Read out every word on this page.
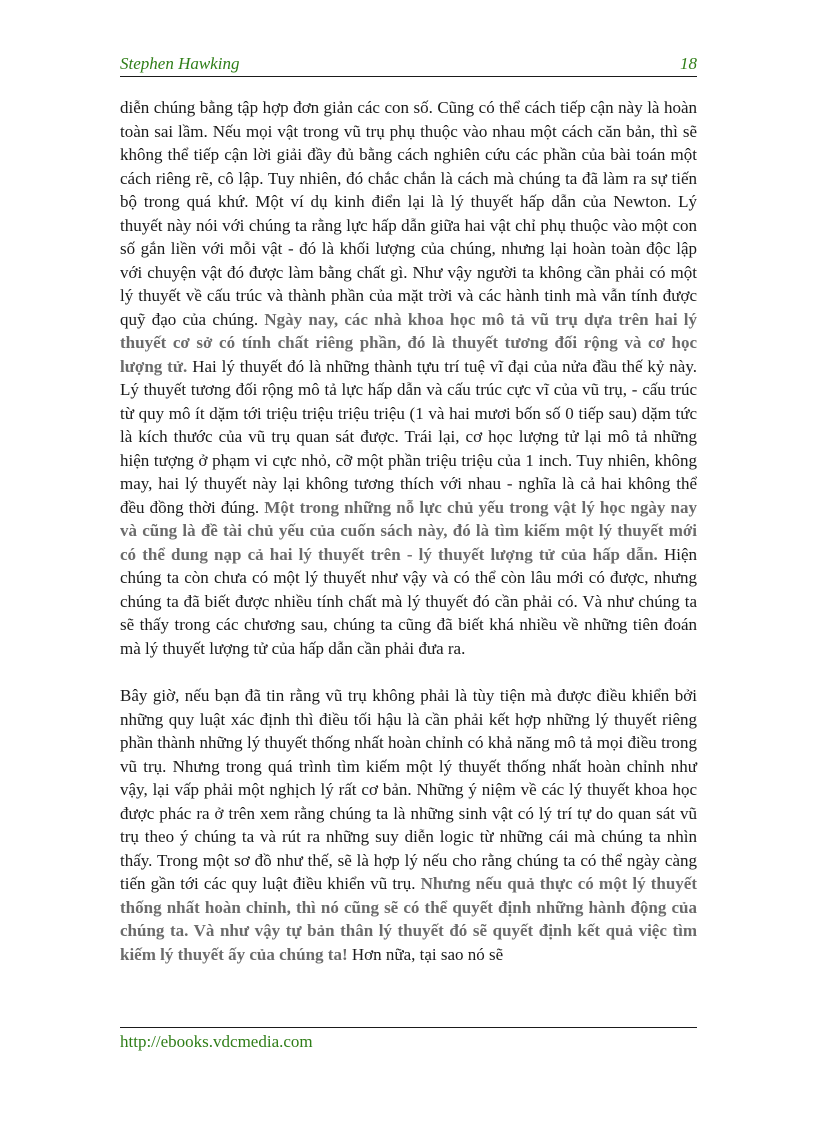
Stephen Hawking	18

diễn chúng bằng tập hợp đơn giản các con số. Cũng có thể cách tiếp cận này là hoàn toàn sai lầm. Nếu mọi vật trong vũ trụ phụ thuộc vào nhau một cách căn bản, thì sẽ không thể tiếp cận lời giải đầy đủ bằng cách nghiên cứu các phần của bài toán một cách riêng rẽ, cô lập. Tuy nhiên, đó chắc chắn là cách mà chúng ta đã làm ra sự tiến bộ trong quá khứ. Một ví dụ kinh điển lại là lý thuyết hấp dẫn của Newton. Lý thuyết này nói với chúng ta rằng lực hấp dẫn giữa hai vật chỉ phụ thuộc vào một con số gắn liền với mỗi vật - đó là khối lượng của chúng, nhưng lại hoàn toàn độc lập với chuyện vật đó được làm bằng chất gì. Như vậy người ta không cần phải có một lý thuyết về cấu trúc và thành phần của mặt trời và các hành tinh mà vẫn tính được quỹ đạo của chúng. Ngày nay, các nhà khoa học mô tả vũ trụ dựa trên hai lý thuyết cơ sở có tính chất riêng phần, đó là thuyết tương đối rộng và cơ học lượng tử. Hai lý thuyết đó là những thành tựu trí tuệ vĩ đại của nửa đầu thế kỷ này. Lý thuyết tương đối rộng mô tả lực hấp dẫn và cấu trúc cực vĩ của vũ trụ, - cấu trúc từ quy mô ít dặm tới triệu triệu triệu triệu (1 và hai mươi bốn số 0 tiếp sau) dặm tức là kích thước của vũ trụ quan sát được. Trái lại, cơ học lượng tử lại mô tả những hiện tượng ở phạm vi cực nhỏ, cỡ một phần triệu triệu của 1 inch. Tuy nhiên, không may, hai lý thuyết này lại không tương thích với nhau - nghĩa là cả hai không thể đều đồng thời đúng. Một trong những nỗ lực chủ yếu trong vật lý học ngày nay và cũng là đề tài chủ yếu của cuốn sách này, đó là tìm kiếm một lý thuyết mới có thể dung nạp cả hai lý thuyết trên - lý thuyết lượng tử của hấp dẫn. Hiện chúng ta còn chưa có một lý thuyết như vậy và có thể còn lâu mới có được, nhưng chúng ta đã biết được nhiều tính chất mà lý thuyết đó cần phải có. Và như chúng ta sẽ thấy trong các chương sau, chúng ta cũng đã biết khá nhiều về những tiên đoán mà lý thuyết lượng tử của hấp dẫn cần phải đưa ra.

Bây giờ, nếu bạn đã tin rằng vũ trụ không phải là tùy tiện mà được điều khiển bởi những quy luật xác định thì điều tối hậu là cần phải kết hợp những lý thuyết riêng phần thành những lý thuyết thống nhất hoàn chỉnh có khả năng mô tả mọi điều trong vũ trụ. Nhưng trong quá trình tìm kiếm một lý thuyết thống nhất hoàn chỉnh như vậy, lại vấp phải một nghịch lý rất cơ bản. Những ý niệm về các lý thuyết khoa học được phác ra ở trên xem rằng chúng ta là những sinh vật có lý trí tự do quan sát vũ trụ theo ý chúng ta và rút ra những suy diễn logic từ những cái mà chúng ta nhìn thấy. Trong một sơ đồ như thế, sẽ là hợp lý nếu cho rằng chúng ta có thể ngày càng tiến gần tới các quy luật điều khiển vũ trụ. Nhưng nếu quả thực có một lý thuyết thống nhất hoàn chỉnh, thì nó cũng sẽ có thể quyết định những hành động của chúng ta. Và như vậy tự bản thân lý thuyết đó sẽ quyết định kết quả việc tìm kiếm lý thuyết ấy của chúng ta! Hơn nữa, tại sao nó sẽ

http://ebooks.vdcmedia.com
